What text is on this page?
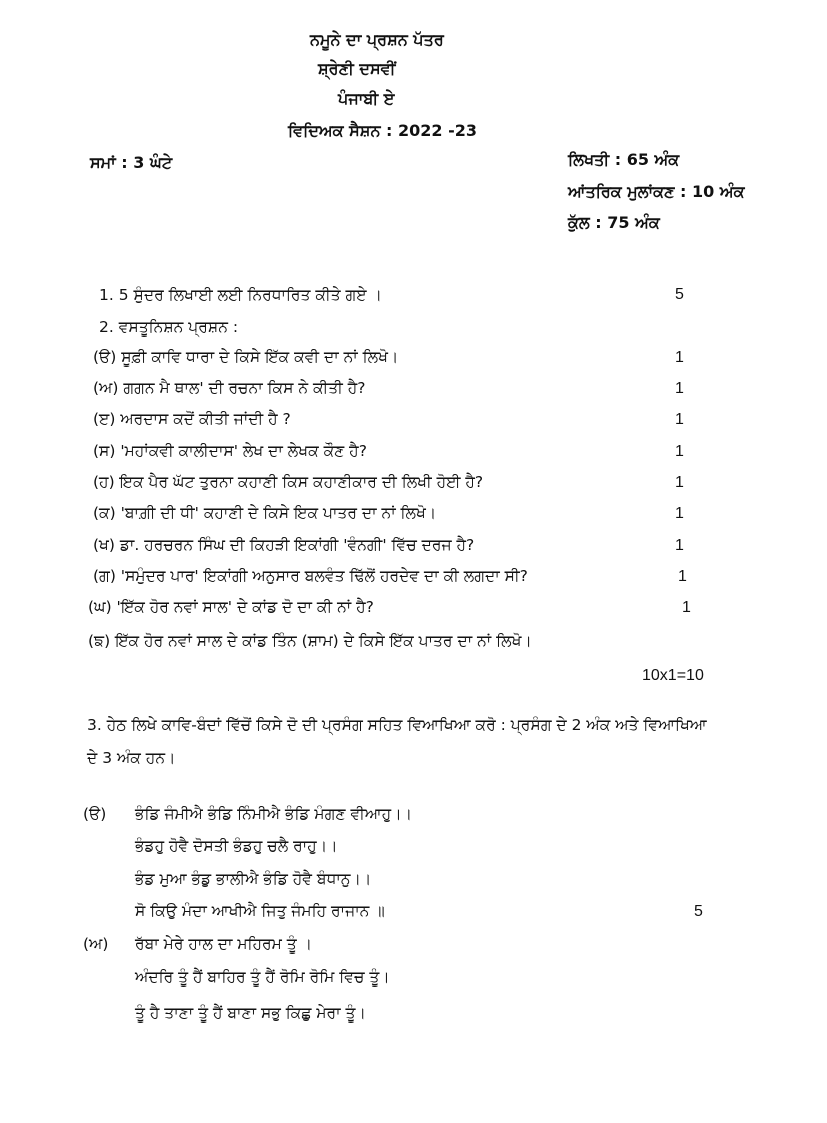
ਨਮੂਨੇ ਦਾ ਪ੍ਰਸ਼ਨ ਪੱਤਰ
ਸ਼੍ਰੇਣੀ ਦਸਵੀਂ
ਪੰਜਾਬੀ ਏ
ਵਿਦਿਅਕ ਸੈਸ਼ਨ : 2022 -23
ਸਮਾਂ : 3 ਘੰਟੇ	ਲਿਖਤੀ : 65 ਅੰਕ
ਆਂਤਰਿਕ ਮੁਲਾਂਕਣ : 10 ਅੰਕ
ਕੁੱਲ : 75 ਅੰਕ
1. 5 ਸੁੰਦਰ ਲਿਖਾਈ ਲਈ ਨਿਰਧਾਰਿਤ ਕੀਤੇ ਗਏ ।	5
2. ਵਸਤੂਨਿਸ਼ਨ ਪ੍ਰਸ਼ਨ :
(ੳ) ਸੂਫ਼ੀ ਕਾਵਿ ਧਾਰਾ ਦੇ ਕਿਸੇ ਇੱਕ ਕਵੀ ਦਾ ਨਾਂ ਲਿਖੋ।	1
(ਅ) ਗਗਨ ਮੈ ਥਾਲ' ਦੀ ਰਚਨਾ ਕਿਸ ਨੇ ਕੀਤੀ ਹੈ?	1
(ੲ) ਅਰਦਾਸ ਕਦੋਂ ਕੀਤੀ ਜਾਂਦੀ ਹੈ ?	1
(ਸ) 'ਮਹਾਂਕਵੀ ਕਾਲੀਦਾਸ' ਲੇਖ ਦਾ ਲੇਖਕ ਕੌਣ ਹੈ?	1
(ਹ) ਇਕ ਪੈਰ ਘੱਟ ਤੁਰਨਾ ਕਹਾਣੀ ਕਿਸ ਕਹਾਣੀਕਾਰ ਦੀ ਲਿਖੀ ਹੋਈ ਹੈ?	1
(ਕ) 'ਬਾਗ਼ੀ ਦੀ ਧੀ' ਕਹਾਣੀ ਦੇ ਕਿਸੇ ਇਕ ਪਾਤਰ ਦਾ ਨਾਂ ਲਿਖੋ।	1
(ਖ) ਡਾ. ਹਰਚਰਨ ਸਿੰਘ ਦੀ ਕਿਹੜੀ ਇਕਾਂਗੀ 'ਵੰਨਗੀ' ਵਿੱਚ ਦਰਜ ਹੈ?	1
(ਗ) 'ਸਮੁੰਦਰ ਪਾਰ' ਇਕਾਂਗੀ ਅਨੁਸਾਰ ਬਲਵੰਤ ਢਿੱਲੋਂ ਹਰਦੇਵ ਦਾ ਕੀ ਲਗਦਾ ਸੀ?	1
(ਘ) 'ਇੱਕ ਹੋਰ ਨਵਾਂ ਸਾਲ' ਦੇ ਕਾਂਡ ਦੋ ਦਾ ਕੀ ਨਾਂ ਹੈ?	1
(ਙ) ਇੱਕ ਹੋਰ ਨਵਾਂ ਸਾਲ ਦੇ ਕਾਂਡ ਤਿੰਨ (ਸ਼ਾਮ) ਦੇ ਕਿਸੇ ਇੱਕ ਪਾਤਰ ਦਾ ਨਾਂ ਲਿਖੋ।
10x1=10
3. ਹੇਠ ਲਿਖੇ ਕਾਵਿ-ਬੰਦਾਂ ਵਿੱਚੋਂ ਕਿਸੇ ਦੋ ਦੀ ਪ੍ਰਸੰਗ ਸਹਿਤ ਵਿਆਖਿਆ ਕਰੋ : ਪ੍ਰਸੰਗ ਦੇ 2 ਅੰਕ ਅਤੇ ਵਿਆਖਿਆ
ਦੇ 3 ਅੰਕ ਹਨ।
(ੳ) ਭੰਡਿ ਜੰਮੀਐ ਭੰਡਿ ਨਿੰਮੀਐ ਭੰਡਿ ਮੰਗਣ ਵੀਆਹੁ।।
ਭੰਡਹੁ ਹੋਵੈ ਦੋਸਤੀ ਭੰਡਹੁ ਚਲੈ ਰਾਹੁ।।
ਭੰਡ ਮੁਆ ਭੰਡੁ ਭਾਲੀਐ ਭੰਡਿ ਹੋਵੈ ਬੰਧਾਨੁ।।
ਸੋ ਕਿਉ ਮੰਦਾ ਆਖੀਐ ਜਿਤੁ ਜੰਮਹਿ ਰਾਜਾਨ ॥	5
(ਅ) ਰੱਬਾ ਮੇਰੇ ਹਾਲ ਦਾ ਮਹਿਰਮ ਤੂੰ ।
ਅੰਦਰਿ ਤੂੰ ਹੈਂ ਬਾਹਿਰ ਤੂੰ ਹੈਂ ਰੋਮਿ ਰੋਮਿ ਵਿਚ ਤੂੰ।
ਤੂੰ ਹੈ ਤਾਣਾ ਤੂੰ ਹੈਂ ਬਾਣਾ ਸਭੁ ਕਿਛੁ ਮੇਰਾ ਤੂੰ।
